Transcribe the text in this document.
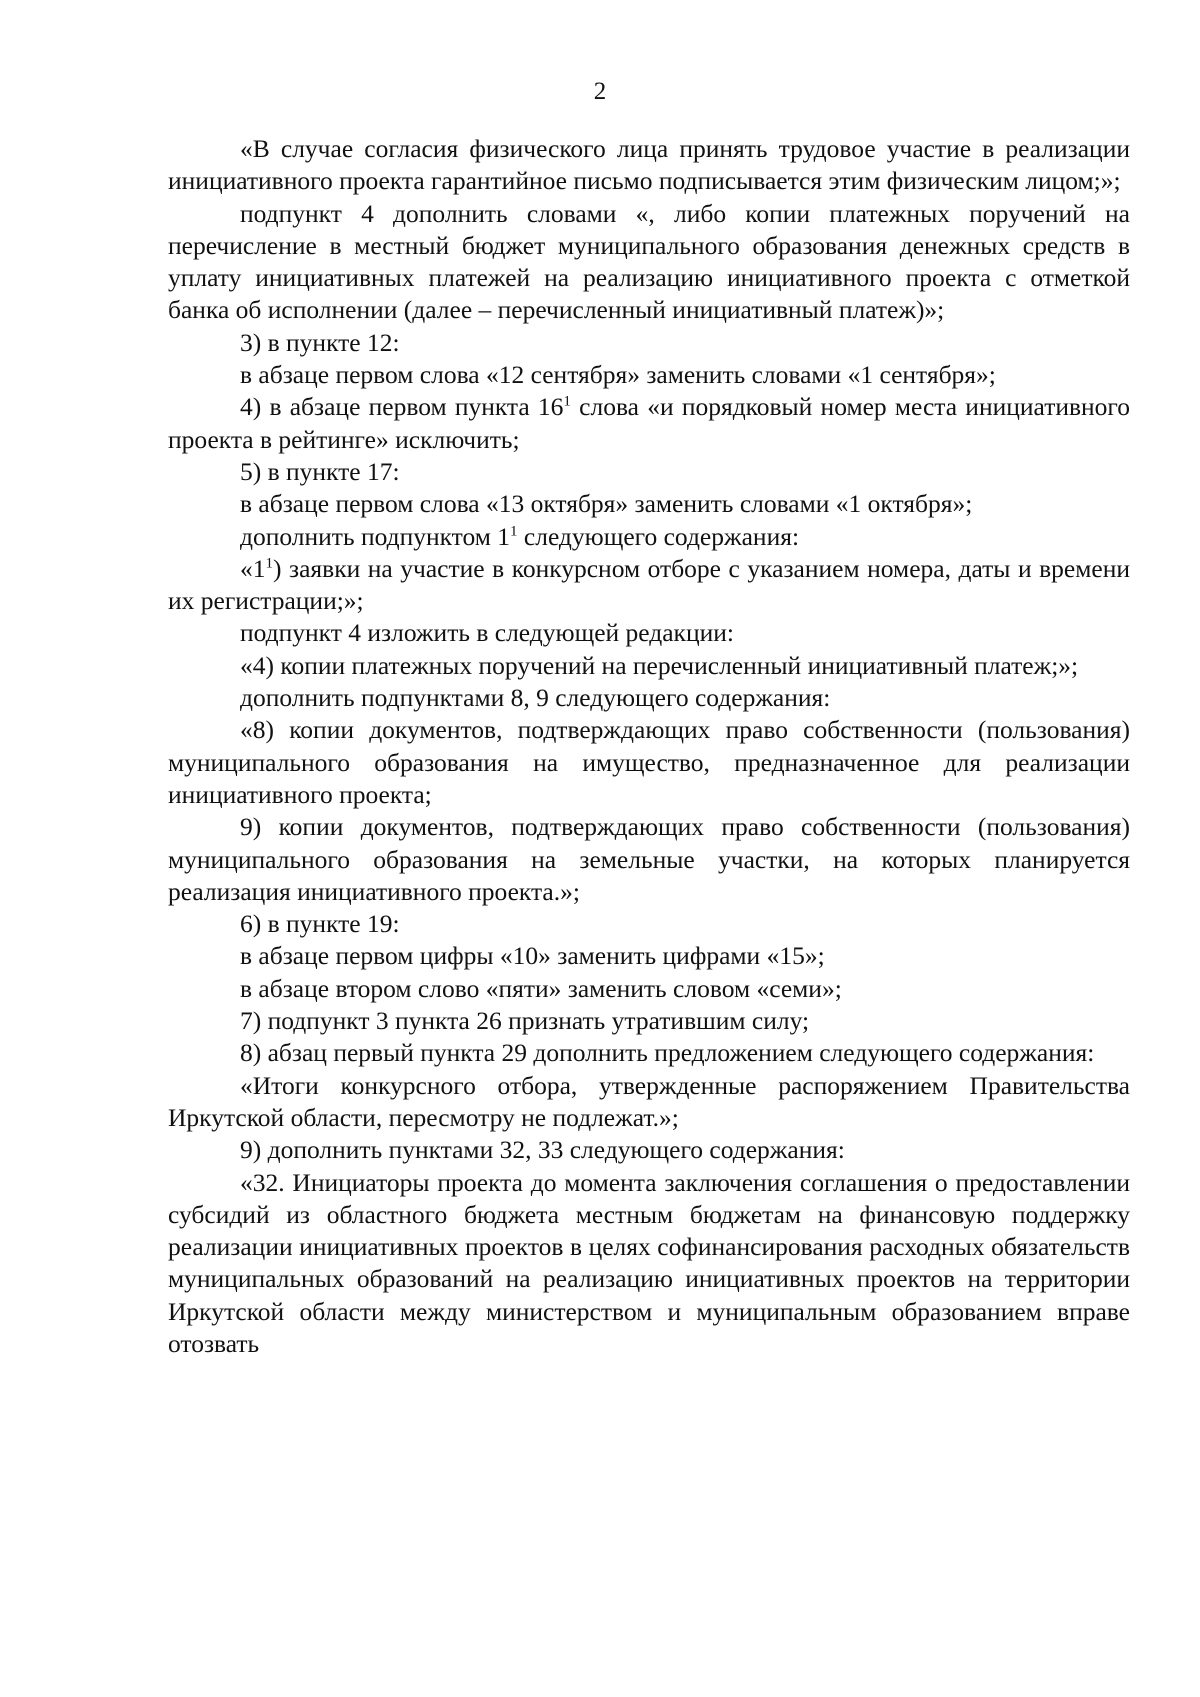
2

«В случае согласия физического лица принять трудовое участие в реализации инициативного проекта гарантийное письмо подписывается этим физическим лицом;»;

подпункт 4 дополнить словами «, либо копии платежных поручений на перечисление в местный бюджет муниципального образования денежных средств в уплату инициативных платежей на реализацию инициативного проекта с отметкой банка об исполнении (далее – перечисленный инициативный платеж)»;

3) в пункте 12:

в абзаце первом слова «12 сентября» заменить словами «1 сентября»;

4) в абзаце первом пункта $16^1$ слова «и порядковый номер места инициативного проекта в рейтинге» исключить;

5) в пункте 17:

в абзаце первом слова «13 октября» заменить словами «1 октября»;

дополнить подпунктом $1^1$ следующего содержания:

«$1^1$) заявки на участие в конкурсном отборе с указанием номера, даты и времени их регистрации;»;

подпункт 4 изложить в следующей редакции:

«4) копии платежных поручений на перечисленный инициативный платеж;»;

дополнить подпунктами 8, 9 следующего содержания:

«8) копии документов, подтверждающих право собственности (пользования) муниципального образования на имущество, предназначенное для реализации инициативного проекта;

9) копии документов, подтверждающих право собственности (пользования) муниципального образования на земельные участки, на которых планируется реализация инициативного проекта.»;

6) в пункте 19:

в абзаце первом цифры «10» заменить цифрами «15»;

в абзаце втором слово «пяти» заменить словом «семи»;

7) подпункт 3 пункта 26 признать утратившим силу;

8) абзац первый пункта 29 дополнить предложением следующего содержания:

«Итоги конкурсного отбора, утвержденные распоряжением Правительства Иркутской области, пересмотру не подлежат.»;

9) дополнить пунктами 32, 33 следующего содержания:

«32. Инициаторы проекта до момента заключения соглашения о предоставлении субсидий из областного бюджета местным бюджетам на финансовую поддержку реализации инициативных проектов в целях софинансирования расходных обязательств муниципальных образований на реализацию инициативных проектов на территории Иркутской области между министерством и муниципальным образованием вправе отозвать
